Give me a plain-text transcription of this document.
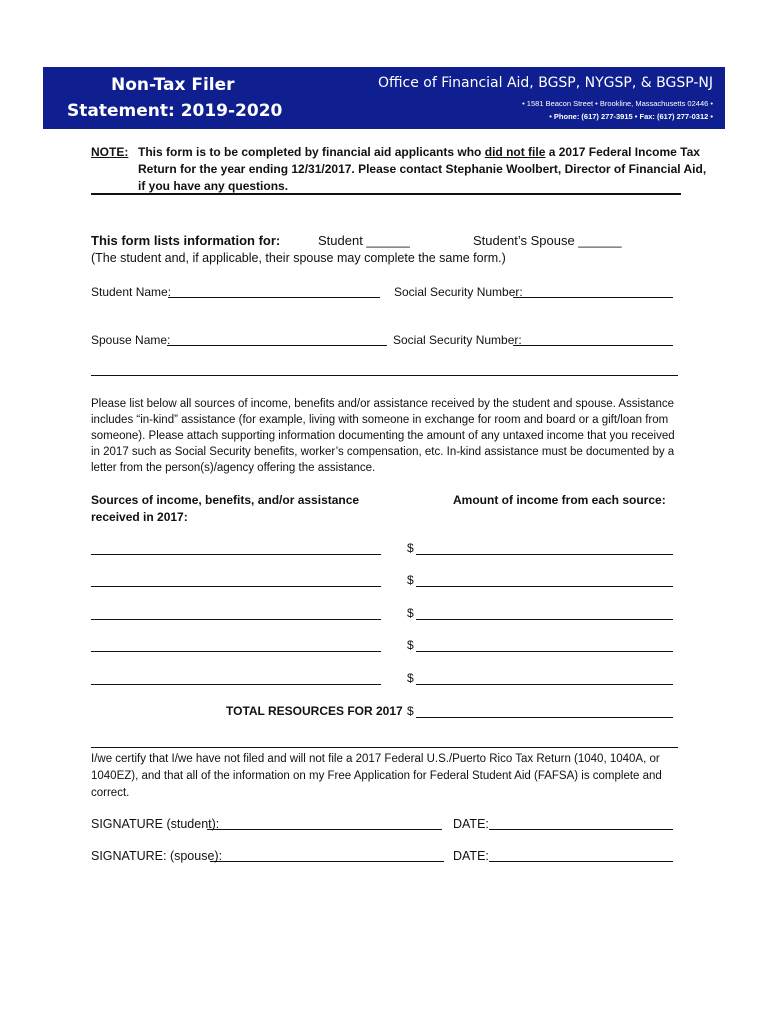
Non-Tax Filer
Statement: 2019-2020
Office of Financial Aid, BGSP, NYGSP, & BGSP-NJ
• 1581 Beacon Street • Brookline, Massachusetts 02446 •
• Phone: (617) 277-3915 • Fax: (617) 277-0312 •
NOTE: This form is to be completed by financial aid applicants who did not file a 2017 Federal Income Tax
Return for the year ending 12/31/2017. Please contact Stephanie Woolbert, Director of Financial Aid,
if you have any questions.
This form lists information for:	Student ______	Student’s Spouse ______
(The student and, if applicable, their spouse may complete the same form.)
Student Name:	Social Security Number:
Spouse Name:	Social Security Number:
Please list below all sources of income, benefits and/or assistance received by the student and spouse. Assistance
includes “in-kind” assistance (for example, living with someone in exchange for room and board or a gift/loan from
someone). Please attach supporting information documenting the amount of any untaxed income that you received
in 2017 such as Social Security benefits, worker’s compensation, etc. In-kind assistance must be documented by a
letter from the person(s)/agency offering the assistance.
Sources of income, benefits, and/or assistance
received in 2017:
Amount of income from each source:
$
$
$
$
$
TOTAL RESOURCES FOR 2017 $
I/we certify that I/we have not filed and will not file a 2017 Federal U.S./Puerto Rico Tax Return (1040, 1040A, or
1040EZ), and that all of the information on my Free Application for Federal Student Aid (FAFSA) is complete and
correct.
SIGNATURE (student):	DATE:
SIGNATURE: (spouse):	DATE:
